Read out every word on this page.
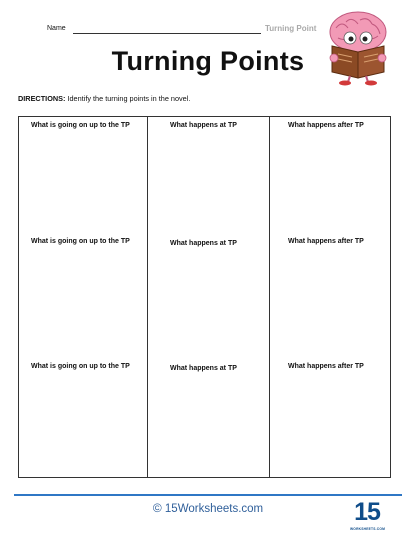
Name	Turning Point
Turning Points
DIRECTIONS: Identify the turning points in the novel.
What is going on up to the TP	What happens at TP	What happens after TP
What is going on up to the TP	What happens at TP	What happens after TP
What is going on up to the TP	What happens at TP	What happens after TP
© 15Worksheets.com	15
WORKSHEETS.COM
